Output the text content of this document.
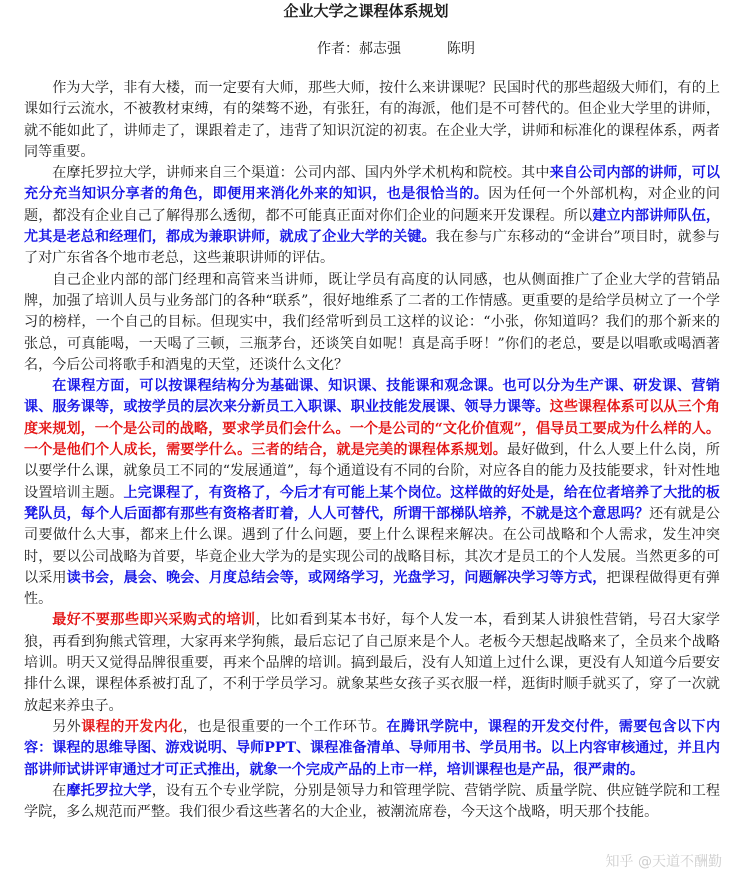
企业大学之课程体系规划
作者：郝志强	陈明

作为大学，非有大楼，而一定要有大师，那些大师，按什么来讲课呢？民国时代的那些超级大师们，有的上课如行云流水，不被教材束缚，有的桀骜不逊，有张狂，有的海派，他们是不可替代的。但企业大学里的讲师，就不能如此了，讲师走了，课跟着走了，违背了知识沉淀的初衷。在企业大学，讲师和标准化的课程体系，两者同等重要。

在摩托罗拉大学，讲师来自三个渠道：公司内部、国内外学术机构和院校。其中来自公司内部的讲师，可以充分充当知识分享者的角色，即便用来消化外来的知识，也是很恰当的。因为任何一个外部机构，对企业的问题，都没有企业自己了解得那么透彻，都不可能真正面对你们企业的问题来开发课程。所以建立内部讲师队伍，尤其是老总和经理们，都成为兼职讲师，就成了企业大学的关键。我在参与广东移动的“金讲台”项目时，就参与了对广东省各个地市老总，这些兼职讲师的评估。

自己企业内部的部门经理和高管来当讲师，既让学员有高度的认同感，也从侧面推广了企业大学的营销品牌，加强了培训人员与业务部门的各种“联系”，很好地维系了二者的工作情感。更重要的是给学员树立了一个学习的榜样，一个自己的目标。但现实中，我们经常听到员工这样的议论：“小张，你知道吗？我们的那个新来的张总，可真能喝，一天喝了三顿，三瓶茅台，还谈笑自如呢！真是高手呀！”你们的老总，要是以唱歌或喝酒著名，今后公司将歌手和酒鬼的天堂，还谈什么文化？

在课程方面，可以按课程结构分为基础课、知识课、技能课和观念课。也可以分为生产课、研发课、营销课、服务课等，或按学员的层次来分新员工入职课、职业技能发展课、领导力课等。这些课程体系可以从三个角度来规划，一个是公司的战略，要求学员们会什么。一个是公司的“文化价值观”，倡导员工要成为什么样的人。一个是他们个人成长，需要学什么。三者的结合，就是完美的课程体系规划。最好做到，什么人要上什么岗，所以要学什么课，就象员工不同的“发展通道”，每个通道设有不同的台阶，对应各自的能力及技能要求，针对性地设置培训主题。上完课程了，有资格了，今后才有可能上某个岗位。这样做的好处是，给在位者培养了大批的板凳队员，每个人后面都有那些有资格者盯着，人人可替代，所谓干部梯队培养，不就是这个意思吗？还有就是公司要做什么大事，都来上什么课。遇到了什么问题，要上什么课程来解决。在公司战略和个人需求，发生冲突时，要以公司战略为首要，毕竟企业大学为的是实现公司的战略目标，其次才是员工的个人发展。当然更多的可以采用读书会，晨会、晚会、月度总结会等，或网络学习，光盘学习，问题解决学习等方式，把课程做得更有弹性。

最好不要那些即兴采购式的培训，比如看到某本书好，每个人发一本，看到某人讲狼性营销，号召大家学狼，再看到狗熊式管理，大家再来学狗熊，最后忘记了自己原来是个人。老板今天想起战略来了，全员来个战略培训。明天又觉得品牌很重要，再来个品牌的培训。搞到最后，没有人知道上过什么课，更没有人知道今后要安排什么课，课程体系被打乱了，不利于学员学习。就象某些女孩子买衣服一样，逛街时顺手就买了，穿了一次就放起来养虫子。

另外课程的开发内化，也是很重要的一个工作环节。在腾讯学院中，课程的开发交付件，需要包含以下内容：课程的思维导图、游戏说明、导师PPT、课程准备清单、导师用书、学员用书。以上内容审核通过，并且内部讲师试讲评审通过才可正式推出，就象一个完成产品的上市一样，培训课程也是产品，很严肃的。

在摩托罗拉大学，设有五个专业学院，分别是领导力和管理学院、营销学院、质量学院、供应链学院和工程学院，多么规范而严整。我们很少看这些著名的大企业，被潮流席卷，今天这个战略，明天那个技能。

知乎 @天道不酬勤
